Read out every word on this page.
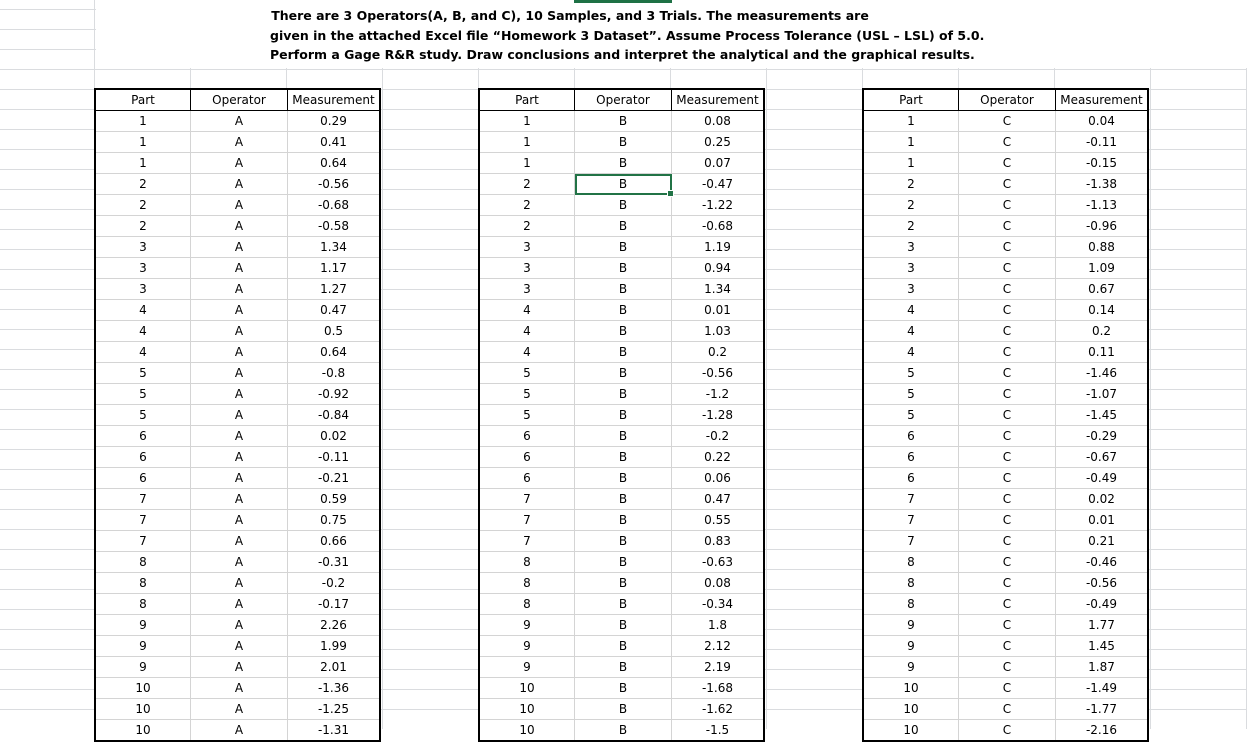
There are 3 Operators(A, B, and C), 10 Samples, and 3 Trials. The measurements are
given in the attached Excel file “Homework 3 Dataset”. Assume Process Tolerance (USL – LSL) of 5.0.
Perform a Gage R&R study. Draw conclusions and interpret the analytical and the graphical results.
Part	Operator	Measurement
1	A	0.29
1	A	0.41
1	A	0.64
2	A	-0.56
2	A	-0.68
2	A	-0.58
3	A	1.34
3	A	1.17
3	A	1.27
4	A	0.47
4	A	0.5
4	A	0.64
5	A	-0.8
5	A	-0.92
5	A	-0.84
6	A	0.02
6	A	-0.11
6	A	-0.21
7	A	0.59
7	A	0.75
7	A	0.66
8	A	-0.31
8	A	-0.2
8	A	-0.17
9	A	2.26
9	A	1.99
9	A	2.01
10	A	-1.36
10	A	-1.25
10	A	-1.31
Part	Operator	Measurement
1	B	0.08
1	B	0.25
1	B	0.07
2	B	-0.47
2	B	-1.22
2	B	-0.68
3	B	1.19
3	B	0.94
3	B	1.34
4	B	0.01
4	B	1.03
4	B	0.2
5	B	-0.56
5	B	-1.2
5	B	-1.28
6	B	-0.2
6	B	0.22
6	B	0.06
7	B	0.47
7	B	0.55
7	B	0.83
8	B	-0.63
8	B	0.08
8	B	-0.34
9	B	1.8
9	B	2.12
9	B	2.19
10	B	-1.68
10	B	-1.62
10	B	-1.5
Part	Operator	Measurement
1	C	0.04
1	C	-0.11
1	C	-0.15
2	C	-1.38
2	C	-1.13
2	C	-0.96
3	C	0.88
3	C	1.09
3	C	0.67
4	C	0.14
4	C	0.2
4	C	0.11
5	C	-1.46
5	C	-1.07
5	C	-1.45
6	C	-0.29
6	C	-0.67
6	C	-0.49
7	C	0.02
7	C	0.01
7	C	0.21
8	C	-0.46
8	C	-0.56
8	C	-0.49
9	C	1.77
9	C	1.45
9	C	1.87
10	C	-1.49
10	C	-1.77
10	C	-2.16
